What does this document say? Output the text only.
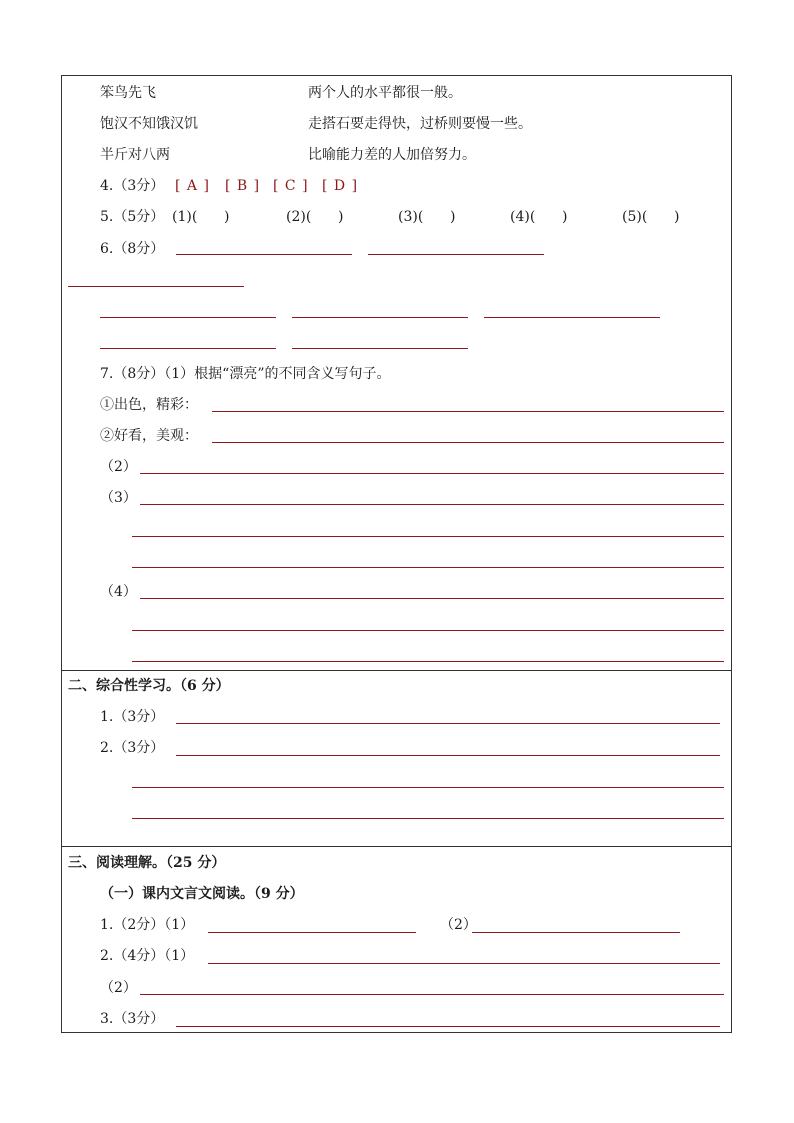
笨鸟先飞	两个人的水平都很一般。
饱汉不知饿汉饥	走搭石要走得快，过桥则要慢一些。
半斤对八两	比喻能力差的人加倍努力。
4.（3分） [ A ] [ B ] [ C ] [ D ]
5.（5分） (1)(      )	(2)(      )	(3)(      )	(4)(      )	(5)(      )
6.（8分）
7.（8分）（1）根据“漂亮”的不同含义写句子。
①出色，精彩：
②好看，美观：
（2）
（3）
（4）
二、综合性学习。（6 分）
1.（3分）
2.（3分）
三、阅读理解。（25 分）
（一）课内文言文阅读。（9 分）
1.（2分）（1）	（2）
2.（4分）（1）
（2）
3.（3分）
